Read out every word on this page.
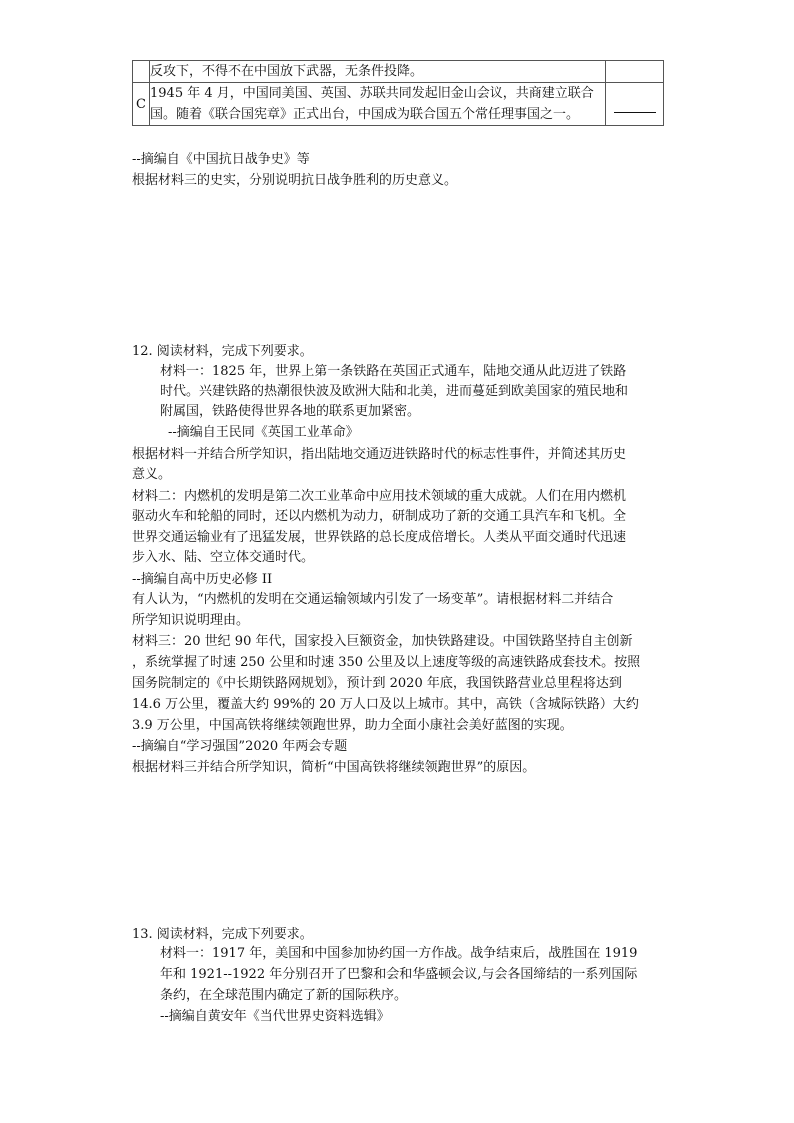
	反攻下，不得不在中国放下武器，无条件投降。	
C	1945 年 4 月，中国同美国、英国、苏联共同发起旧金山会议，共商建立联合国。随着《联合国宪章》正式出台，中国成为联合国五个常任理事国之一。	
--摘编自《中国抗日战争史》等
根据材料三的史实，分别说明抗日战争胜利的历史意义。
12. 阅读材料，完成下列要求。
材料一：1825 年，世界上第一条铁路在英国正式通车，陆地交通从此迈进了铁路
时代。兴建铁路的热潮很快波及欧洲大陆和北美，进而蔓延到欧美国家的殖民地和
附属国，铁路使得世界各地的联系更加紧密。
--摘编自王民同《英国工业革命》
根据材料一并结合所学知识，指出陆地交通迈进铁路时代的标志性事件，并简述其历史
意义。
材料二：内燃机的发明是第二次工业革命中应用技术领域的重大成就。人们在用内燃机
驱动火车和轮船的同时，还以内燃机为动力，研制成功了新的交通工具汽车和飞机。全
世界交通运输业有了迅猛发展，世界铁路的总长度成倍增长。人类从平面交通时代迅速
步入水、陆、空立体交通时代。
--摘编自高中历史必修 II
有人认为，“内燃机的发明在交通运输领域内引发了一场变革”。请根据材料二并结合
所学知识说明理由。
材料三：20 世纪 90 年代，国家投入巨额资金，加快铁路建设。中国铁路坚持自主创新
，系统掌握了时速 250 公里和时速 350 公里及以上速度等级的高速铁路成套技术。按照
国务院制定的《中长期铁路网规划》，预计到 2020 年底，我国铁路营业总里程将达到
14.6 万公里，覆盖大约 99%的 20 万人口及以上城市。其中，高铁（含城际铁路）大约
3.9 万公里，中国高铁将继续领跑世界，助力全面小康社会美好蓝图的实现。
--摘编自“学习强国”2020 年两会专题
根据材料三并结合所学知识，简析“中国高铁将继续领跑世界”的原因。
13. 阅读材料，完成下列要求。
材料一：1917 年，美国和中国参加协约国一方作战。战争结束后，战胜国在 1919
年和 1921--1922 年分别召开了巴黎和会和华盛顿会议,与会各国缔结的一系列国际
条约，在全球范围内确定了新的国际秩序。
--摘编自黄安年《当代世界史资料选辑》
